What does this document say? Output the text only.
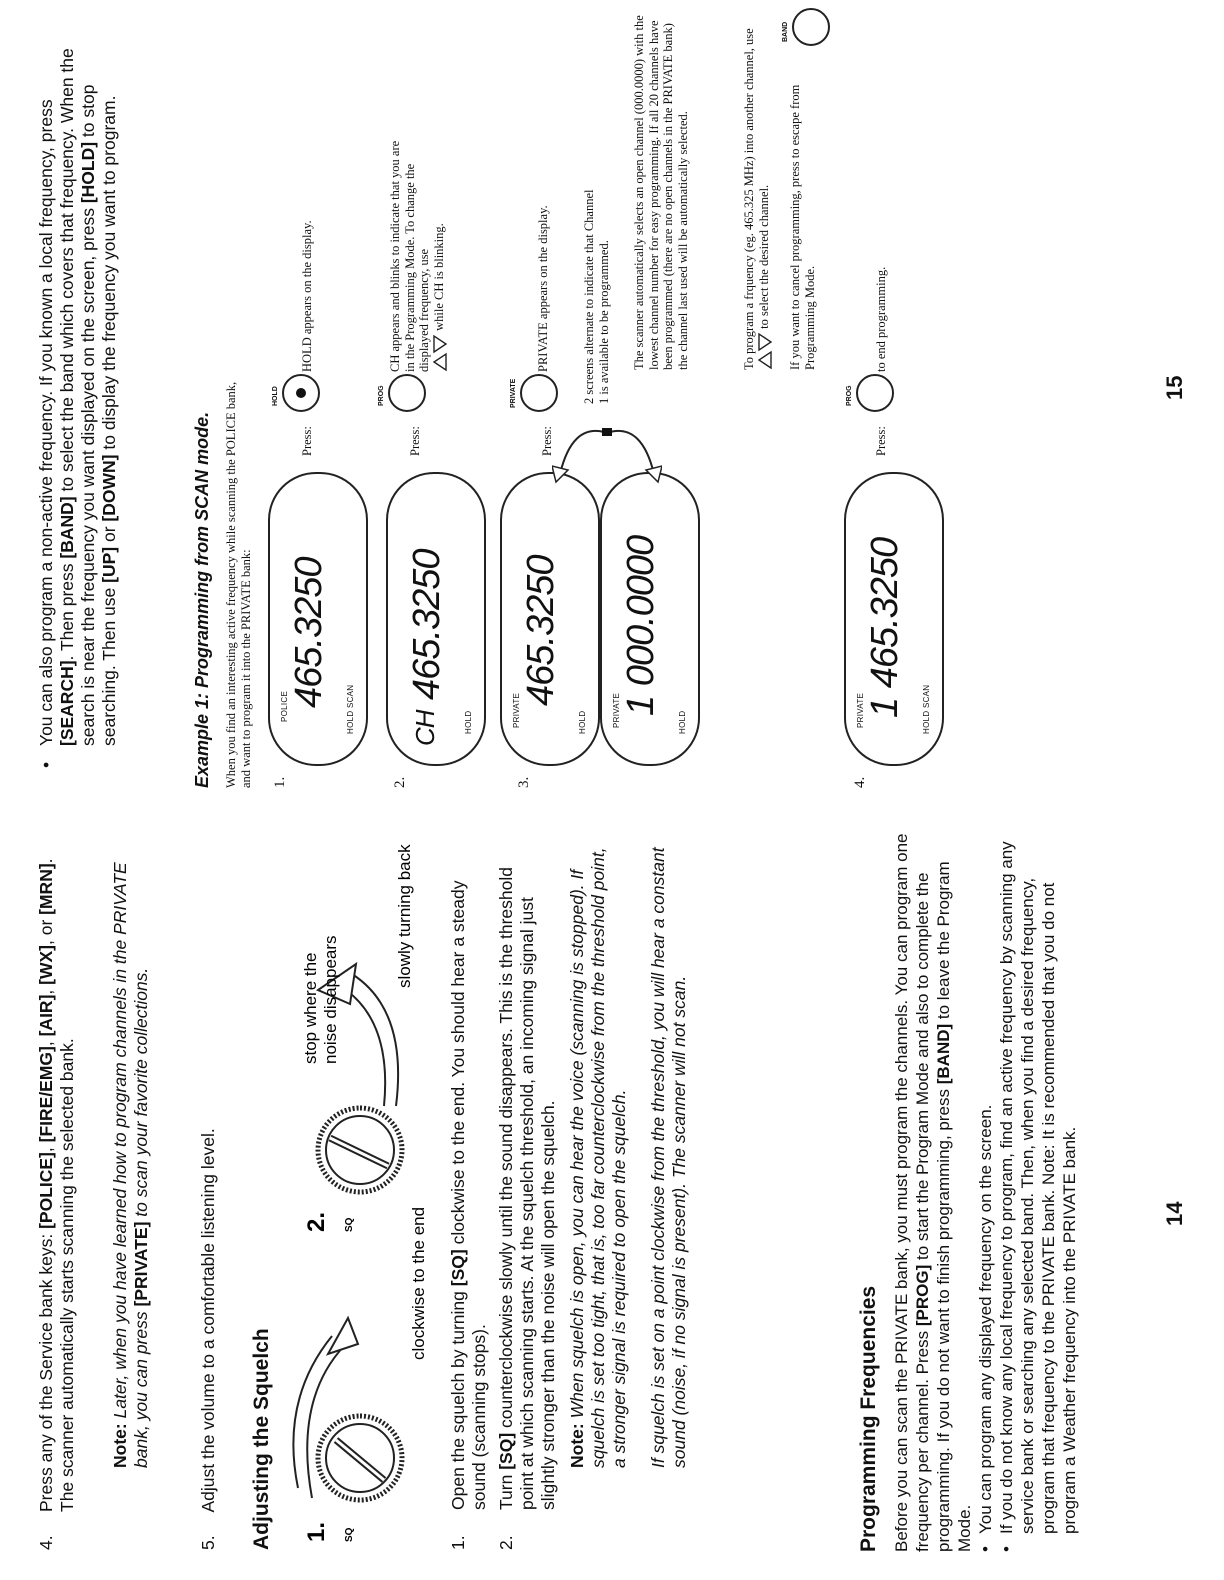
4.
Press any of the Service bank keys: [POLICE], [FIRE/EMG], [AIR], [WX], or [MRN]. The scanner automatically starts scanning the selected bank. Note: Later, when you have learned how to program channels in the PRIVATE bank, you can press [PRIVATE] to scan your favorite collections.
5. Adjust the volume to a comfortable listening level. Adjusting the Squelch 1. SQ
clockwise to the end
2. SQ
stop where the noise disappears
slowly turning back
1.
Open the squelch by turning [SQ] clockwise to the end. You should hear a steady sound (scanning stops).
2.
Turn [SQ] counterclockwise slowly until the sound disappears. This is the threshold point at which scanning starts. At the squelch threshold, an incoming signal just slightly stronger than the noise will open the squelch. Note: When squelch is open, you can hear the voice (scanning is stopped). If squelch is set too tight, that is, too far counterclockwise from the threshold point, a stronger signal is required to open the squelch. If squelch is set on a point clockwise from the threshold, you will hear a constant sound (noise, if no signal is present). The scanner will not scan.	Programming Frequencies Before you can scan the PRIVATE bank, you must program the channels. You can program one frequency per channel. Press [PROG] to start the Program Mode and also to complete the programming. If you do not want to finish programming, press [BAND] to leave the Program Mode. •
You can program any displayed frequency on the screen.
•
If you do not know any local frequency to program, find an active frequency by scanning any service bank or searching any selected band. Then, when you find a desired frequency, program that frequency to the PRIVATE bank. Note: It is recommended that you do not program a Weather frequency into the PRIVATE bank.	14
•
You can also program a non-active frequency. If you known a local frequency, press [SEARCH]. Then press [BAND] to select the band which covers that frequency. When the search is near the frequency you want displayed on the screen, press [HOLD] to stop searching. Then use [UP] or [DOWN] to display the frequency you want to program.
Example 1: Programming from SCAN mode. When you find an interesting active frequency while scanning the POLICE bank, and want to program it into the PRIVATE bank: 1.
POLICE 465.3250
HOLD SCAN
Press:
HOLD
HOLD appears on the display.
2.
CH
465.3250
HOLD
Press:
PROG
CH appears and blinks to indicate that you are in the Programming Mode. To change the displayed frequency, use
while CH is blinking.
3.
PRIVATE
465.3250
HOLD	PRIVATE 1 000.0000
HOLD
Press:
PRIVATE
PRIVATE appears on the display.	2 screens alternate to indicate that Channel 1 is available to be programmed. The scanner automatically selects an open channel (000.0000) with the lowest channel number for easy programming. If all 20 channels have been programmed (there are no open channels in the PRIVATE bank) the channel last used will be automatically selected.	To program a frquency (eg. 465.325 MHz) into another channel, use  to select the desired channel. If you want to cancel programming, press to escape from Programming Mode.
BAND
4.
PRIVATE 1 465.3250 HOLD SCAN
Press:
PROG
to end programming.
15
